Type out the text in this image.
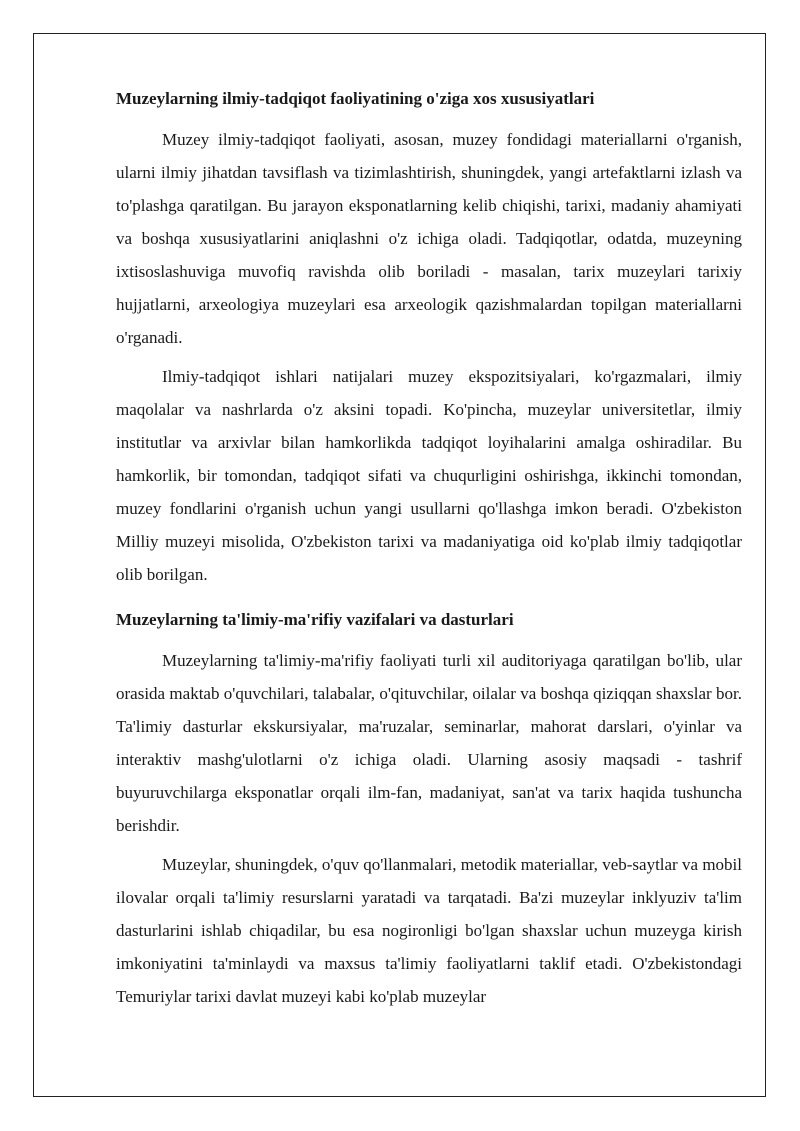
Muzeylarning ilmiy-tadqiqot faoliyatining o'ziga xos xususiyatlari

Muzey ilmiy-tadqiqot faoliyati, asosan, muzey fondidagi materiallarni o'rganish, ularni ilmiy jihatdan tavsiflash va tizimlashtirish, shuningdek, yangi artefaktlarni izlash va to'plashga qaratilgan. Bu jarayon eksponatlarning kelib chiqishi, tarixi, madaniy ahamiyati va boshqa xususiyatlarini aniqlashni o'z ichiga oladi. Tadqiqotlar, odatda, muzeyning ixtisoslashuviga muvofiq ravishda olib boriladi - masalan, tarix muzeylari tarixiy hujjatlarni, arxeologiya muzeylari esa arxeologik qazishmalardan topilgan materiallarni o'rganadi.

Ilmiy-tadqiqot ishlari natijalari muzey ekspozitsiyalari, ko'rgazmalari, ilmiy maqolalar va nashrlarda o'z aksini topadi. Ko'pincha, muzeylar universitetlar, ilmiy institutlar va arxivlar bilan hamkorlikda tadqiqot loyihalarini amalga oshiradilar. Bu hamkorlik, bir tomondan, tadqiqot sifati va chuqurligini oshirishga, ikkinchi tomondan, muzey fondlarini o'rganish uchun yangi usullarni qo'llashga imkon beradi. O'zbekiston Milliy muzeyi misolida, O'zbekiston tarixi va madaniyatiga oid ko'plab ilmiy tadqiqotlar olib borilgan.

Muzeylarning ta'limiy-ma'rifiy vazifalari va dasturlari

Muzeylarning ta'limiy-ma'rifiy faoliyati turli xil auditoriyaga qaratilgan bo'lib, ular orasida maktab o'quvchilari, talabalar, o'qituvchilar, oilalar va boshqa qiziqqan shaxslar bor. Ta'limiy dasturlar ekskursiyalar, ma'ruzalar, seminarlar, mahorat darslari, o'yinlar va interaktiv mashg'ulotlarni o'z ichiga oladi. Ularning asosiy maqsadi - tashrif buyuruvchilarga eksponatlar orqali ilm-fan, madaniyat, san'at va tarix haqida tushuncha berishdir.

Muzeylar, shuningdek, o'quv qo'llanmalari, metodik materiallar, veb-saytlar va mobil ilovalar orqali ta'limiy resurslarni yaratadi va tarqatadi. Ba'zi muzeylar inklyuziv ta'lim dasturlarini ishlab chiqadilar, bu esa nogironligi bo'lgan shaxslar uchun muzeyga kirish imkoniyatini ta'minlaydi va maxsus ta'limiy faoliyatlarni taklif etadi. O'zbekistondagi Temuriylar tarixi davlat muzeyi kabi ko'plab muzeylar
